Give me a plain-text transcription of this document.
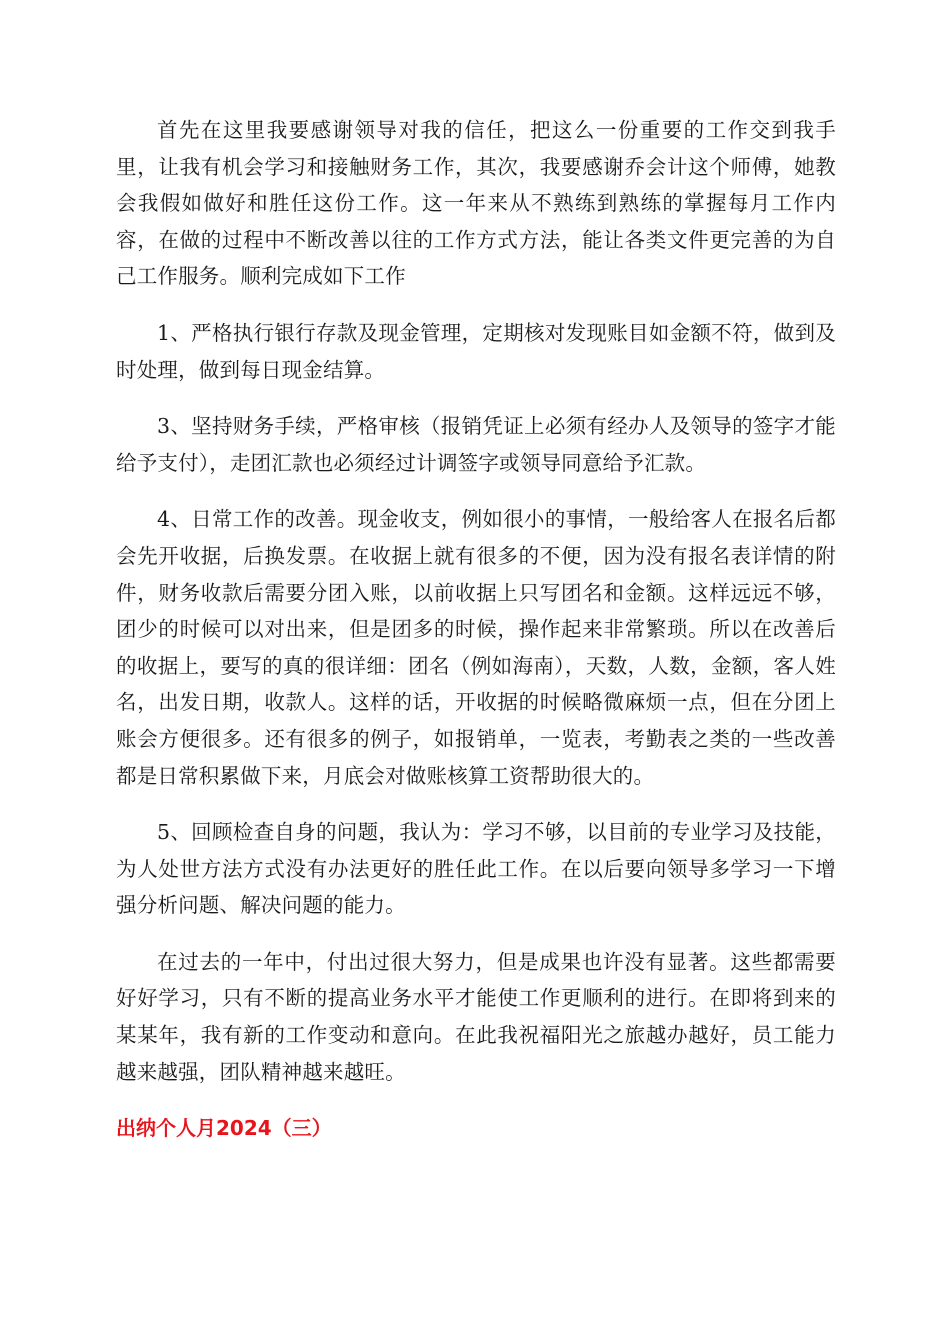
首先在这里我要感谢领导对我的信任，把这么一份重要的工作交到我手里，让我有机会学习和接触财务工作，其次，我要感谢乔会计这个师傅，她教会我假如做好和胜任这份工作。这一年来从不熟练到熟练的掌握每月工作内容，在做的过程中不断改善以往的工作方式方法，能让各类文件更完善的为自己工作服务。顺利完成如下工作

1、严格执行银行存款及现金管理，定期核对发现账目如金额不符，做到及时处理，做到每日现金结算。

3、坚持财务手续，严格审核（报销凭证上必须有经办人及领导的签字才能给予支付），走团汇款也必须经过计调签字或领导同意给予汇款。

4、日常工作的改善。现金收支，例如很小的事情，一般给客人在报名后都会先开收据，后换发票。在收据上就有很多的不便，因为没有报名表详情的附件，财务收款后需要分团入账，以前收据上只写团名和金额。这样远远不够，团少的时候可以对出来，但是团多的时候，操作起来非常繁琐。所以在改善后的收据上，要写的真的很详细：团名（例如海南），天数，人数，金额，客人姓名，出发日期，收款人。这样的话，开收据的时候略微麻烦一点，但在分团上账会方便很多。还有很多的例子，如报销单，一览表，考勤表之类的一些改善都是日常积累做下来，月底会对做账核算工资帮助很大的。

5、回顾检查自身的问题，我认为：学习不够，以目前的专业学习及技能，为人处世方法方式没有办法更好的胜任此工作。在以后要向领导多学习一下增强分析问题、解决问题的能力。

在过去的一年中，付出过很大努力，但是成果也许没有显著。这些都需要好好学习，只有不断的提高业务水平才能使工作更顺利的进行。在即将到来的某某年，我有新的工作变动和意向。在此我祝福阳光之旅越办越好，员工能力越来越强，团队精神越来越旺。

出纳个人月2024（三）
